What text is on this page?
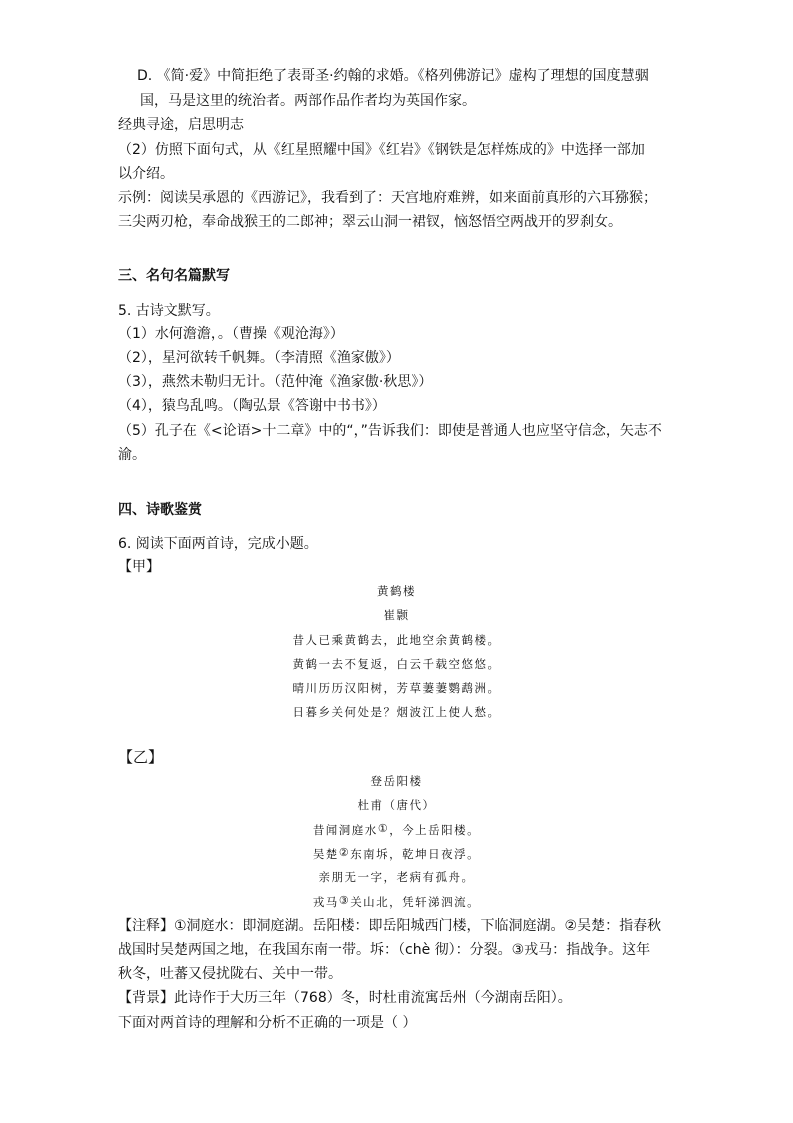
D. 《简·爱》中简拒绝了表哥圣·约翰的求婚。《格列佛游记》虚构了理想的国度慧骃
国，马是这里的统治者。两部作品作者均为英国作家。
经典寻途，启思明志
（2）仿照下面句式，从《红星照耀中国》《红岩》《钢铁是怎样炼成的》中选择一部加
以介绍。
示例：阅读吴承恩的《西游记》，我看到了：天宫地府难辨，如来面前真形的六耳猕猴；
三尖两刃枪，奉命战猴王的二郎神；翠云山洞一裙钗，恼怒悟空两战开的罗刹女。
三、名句名篇默写
5. 古诗文默写。
（1）水何澹澹，。（曹操《观沧海》）
（2），星河欲转千帆舞。（李清照《渔家傲》）
（3），燕然未勒归无计。（范仲淹《渔家傲·秋思》）
（4），猿鸟乱鸣。（陶弘景《答谢中书书》）
（5）孔子在《<论语>十二章》中的“，”告诉我们：即使是普通人也应坚守信念，矢志不
渝。
四、诗歌鉴赏
6. 阅读下面两首诗，完成小题。
【甲】
黄鹤楼
崔颢
昔人已乘黄鹤去，此地空余黄鹤楼。
黄鹤一去不复返，白云千载空悠悠。
晴川历历汉阳树，芳草萋萋鹦鹉洲。
日暮乡关何处是？烟波江上使人愁。
【乙】
登岳阳楼
杜甫（唐代）
昔闻洞庭水①，今上岳阳楼。
吴楚②东南坼，乾坤日夜浮。
亲朋无一字，老病有孤舟。
戎马③关山北，凭轩涕泗流。
【注释】①洞庭水：即洞庭湖。岳阳楼：即岳阳城西门楼，下临洞庭湖。②吴楚：指春秋
战国时吴楚两国之地，在我国东南一带。坼：（chè 彻）：分裂。③戎马：指战争。这年
秋冬，吐蕃又侵扰陇右、关中一带。
【背景】此诗作于大历三年（768）冬，时杜甫流寓岳州（今湖南岳阳）。
下面对两首诗的理解和分析不正确的一项是（ ）
